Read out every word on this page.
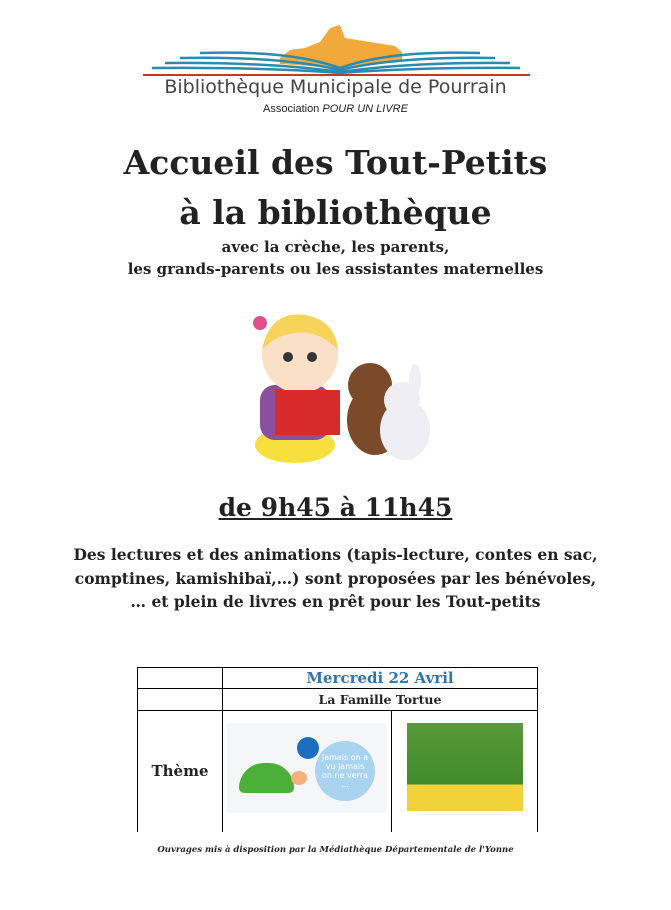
Bibliothèque Municipale de Pourrain
Association POUR UN LIVRE
Accueil des Tout-Petits
à la bibliothèque
avec la crèche, les parents,
les grands-parents ou les assistantes maternelles
de 9h45 à 11h45
Des lectures et des animations (tapis-lecture, contes en sac,
comptines, kamishibaï,…) sont proposées par les bénévoles,
… et plein de livres en prêt pour les Tout-petits
	Mercredi 22 Avril	
	La Famille Tortue	
Thème	Jamais on a vu jamais on ne verra ...	

Ouvrages mis à disposition par la Médiathèque Départementale de l'Yonne
